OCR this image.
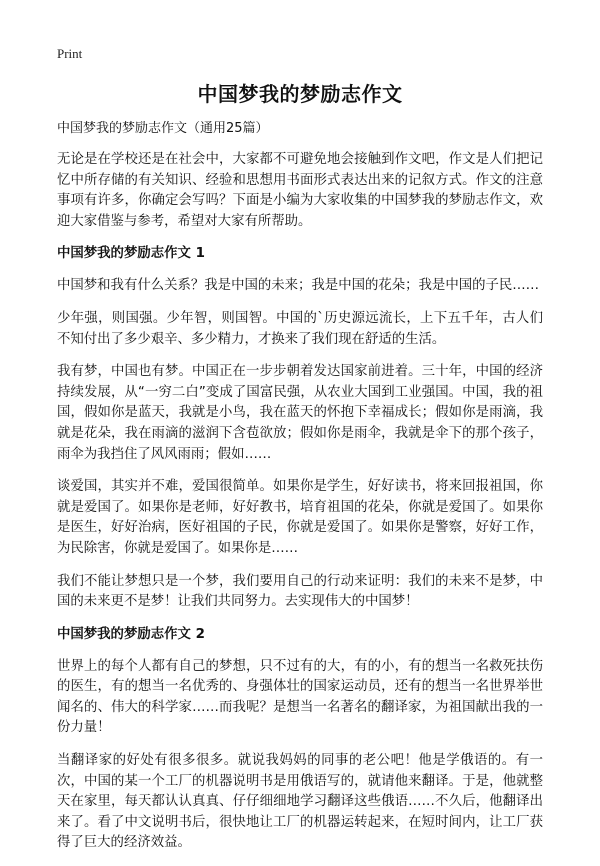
Print
中国梦我的梦励志作文
中国梦我的梦励志作文（通用25篇）

无论是在学校还是在社会中，大家都不可避免地会接触到作文吧，作文是人们把记忆中所存储的有关知识、经验和思想用书面形式表达出来的记叙方式。作文的注意事项有许多，你确定会写吗？下面是小编为大家收集的中国梦我的梦励志作文，欢迎大家借鉴与参考，希望对大家有所帮助。

中国梦我的梦励志作文 1

中国梦和我有什么关系？我是中国的未来；我是中国的花朵；我是中国的子民……

少年强，则国强。少年智，则国智。中国的`历史源远流长，上下五千年，古人们不知付出了多少艰辛、多少精力，才换来了我们现在舒适的生活。

我有梦，中国也有梦。中国正在一步步朝着发达国家前进着。三十年，中国的经济持续发展，从“一穷二白”变成了国富民强，从农业大国到工业强国。中国，我的祖国，假如你是蓝天，我就是小鸟，我在蓝天的怀抱下幸福成长；假如你是雨滴，我就是花朵，我在雨滴的滋润下含苞欲放；假如你是雨伞，我就是伞下的那个孩子，雨伞为我挡住了风风雨雨；假如……

谈爱国，其实并不难，爱国很简单。如果你是学生，好好读书，将来回报祖国，你就是爱国了。如果你是老师，好好教书，培育祖国的花朵，你就是爱国了。如果你是医生，好好治病，医好祖国的子民，你就是爱国了。如果你是警察，好好工作，为民除害，你就是爱国了。如果你是……

我们不能让梦想只是一个梦，我们要用自己的行动来证明：我们的未来不是梦，中国的未来更不是梦！让我们共同努力。去实现伟大的中国梦！

中国梦我的梦励志作文 2

世界上的每个人都有自己的梦想，只不过有的大，有的小，有的想当一名救死扶伤的医生，有的想当一名优秀的、身强体壮的国家运动员，还有的想当一名世界举世闻名的、伟大的科学家……而我呢？是想当一名著名的翻译家，为祖国献出我的一份力量！

当翻译家的好处有很多很多。就说我妈妈的同事的老公吧！他是学俄语的。有一次，中国的某一个工厂的机器说明书是用俄语写的，就请他来翻译。于是，他就整天在家里，每天都认认真真、仔仔细细地学习翻译这些俄语……不久后，他翻译出来了。看了中文说明书后，很快地让工厂的机器运转起来，在短时间内，让工厂获得了巨大的经济效益。
